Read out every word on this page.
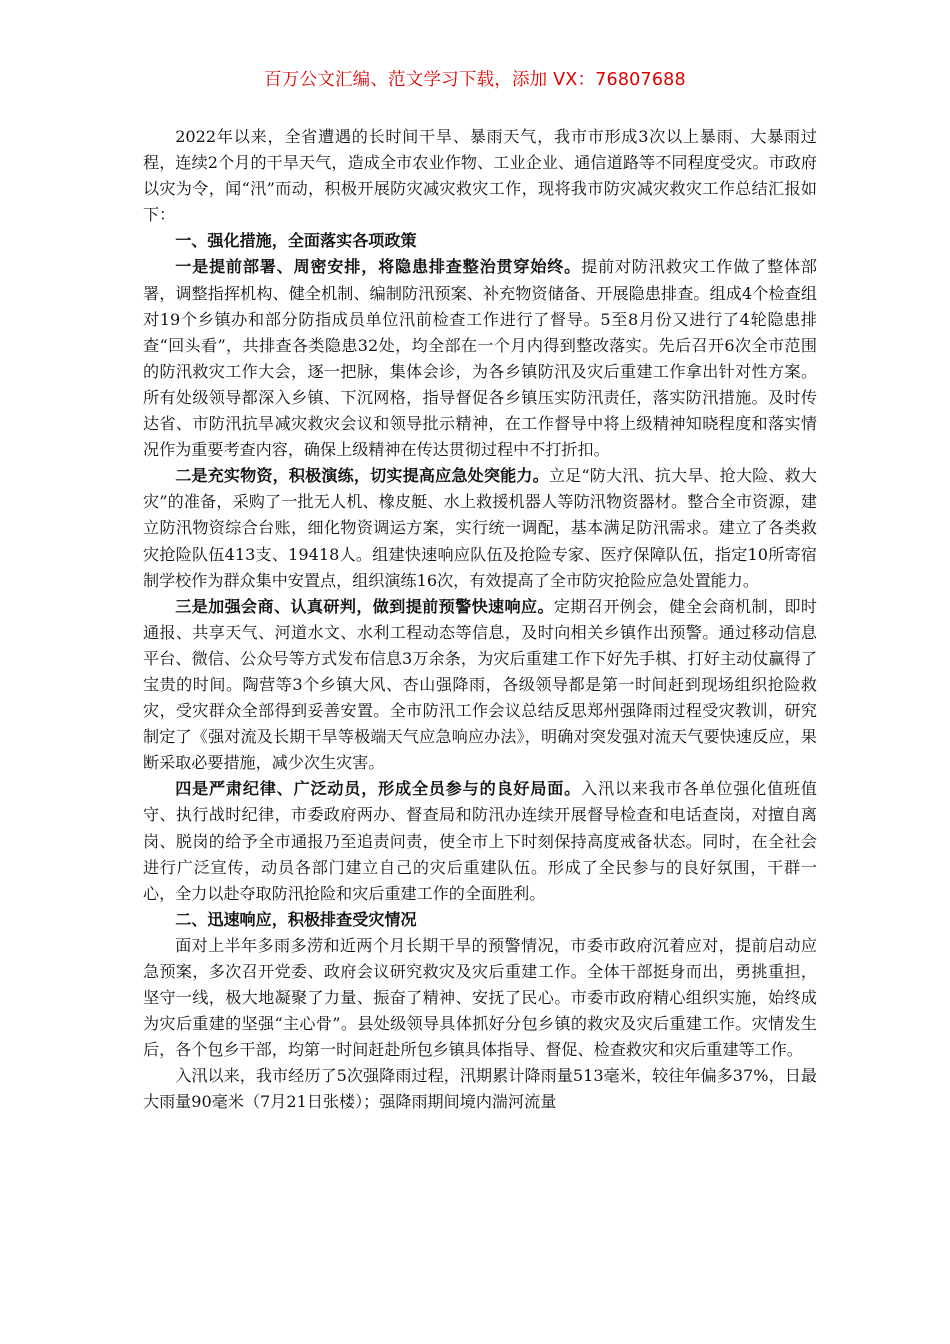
百万公文汇编、范文学习下载，添加 VX：76807688

2022年以来，全省遭遇的长时间干旱、暴雨天气，我市市形成3次以上暴雨、大暴雨过程，连续2个月的干旱天气，造成全市农业作物、工业企业、通信道路等不同程度受灾。市政府以灾为令，闻“汛”而动，积极开展防灾减灾救灾工作，现将我市防灾减灾救灾工作总结汇报如下：

一、强化措施，全面落实各项政策

一是提前部署、周密安排，将隐患排查整治贯穿始终。提前对防汛救灾工作做了整体部署，调整指挥机构、健全机制、编制防汛预案、补充物资储备、开展隐患排查。组成4个检查组对19个乡镇办和部分防指成员单位汛前检查工作进行了督导。5至8月份又进行了4轮隐患排查“回头看”，共排查各类隐患32处，均全部在一个月内得到整改落实。先后召开6次全市范围的防汛救灾工作大会，逐一把脉，集体会诊，为各乡镇防汛及灾后重建工作拿出针对性方案。所有处级领导都深入乡镇、下沉网格，指导督促各乡镇压实防汛责任，落实防汛措施。及时传达省、市防汛抗旱减灾救灾会议和领导批示精神，在工作督导中将上级精神知晓程度和落实情况作为重要考查内容，确保上级精神在传达贯彻过程中不打折扣。

二是充实物资，积极演练，切实提高应急处突能力。立足“防大汛、抗大旱、抢大险、救大灾”的准备，采购了一批无人机、橡皮艇、水上救援机器人等防汛物资器材。整合全市资源，建立防汛物资综合台账，细化物资调运方案，实行统一调配，基本满足防汛需求。建立了各类救灾抢险队伍413支、19418人。组建快速响应队伍及抢险专家、医疗保障队伍，指定10所寄宿制学校作为群众集中安置点，组织演练16次，有效提高了全市防灾抢险应急处置能力。

三是加强会商、认真研判，做到提前预警快速响应。定期召开例会，健全会商机制，即时通报、共享天气、河道水文、水利工程动态等信息，及时向相关乡镇作出预警。通过移动信息平台、微信、公众号等方式发布信息3万余条，为灾后重建工作下好先手棋、打好主动仗赢得了宝贵的时间。陶营等3个乡镇大风、杏山强降雨，各级领导都是第一时间赶到现场组织抢险救灾，受灾群众全部得到妥善安置。全市防汛工作会议总结反思郑州强降雨过程受灾教训，研究制定了《强对流及长期干旱等极端天气应急响应办法》，明确对突发强对流天气要快速反应，果断采取必要措施，减少次生灾害。

四是严肃纪律、广泛动员，形成全员参与的良好局面。入汛以来我市各单位强化值班值守、执行战时纪律，市委政府两办、督查局和防汛办连续开展督导检查和电话查岗，对擅自离岗、脱岗的给予全市通报乃至追责问责，使全市上下时刻保持高度戒备状态。同时，在全社会进行广泛宣传，动员各部门建立自己的灾后重建队伍。形成了全民参与的良好氛围，干群一心，全力以赴夺取防汛抢险和灾后重建工作的全面胜利。

二、迅速响应，积极排查受灾情况

面对上半年多雨多涝和近两个月长期干旱的预警情况，市委市政府沉着应对，提前启动应急预案，多次召开党委、政府会议研究救灾及灾后重建工作。全体干部挺身而出，勇挑重担，坚守一线，极大地凝聚了力量、振奋了精神、安抚了民心。市委市政府精心组织实施，始终成为灾后重建的坚强“主心骨”。县处级领导具体抓好分包乡镇的救灾及灾后重建工作。灾情发生后，各个包乡干部，均第一时间赶赴所包乡镇具体指导、督促、检查救灾和灾后重建等工作。

入汛以来，我市经历了5次强降雨过程，汛期累计降雨量513毫米，较往年偏多37%，日最大雨量90毫米（7月21日张楼）；强降雨期间境内湍河流量
